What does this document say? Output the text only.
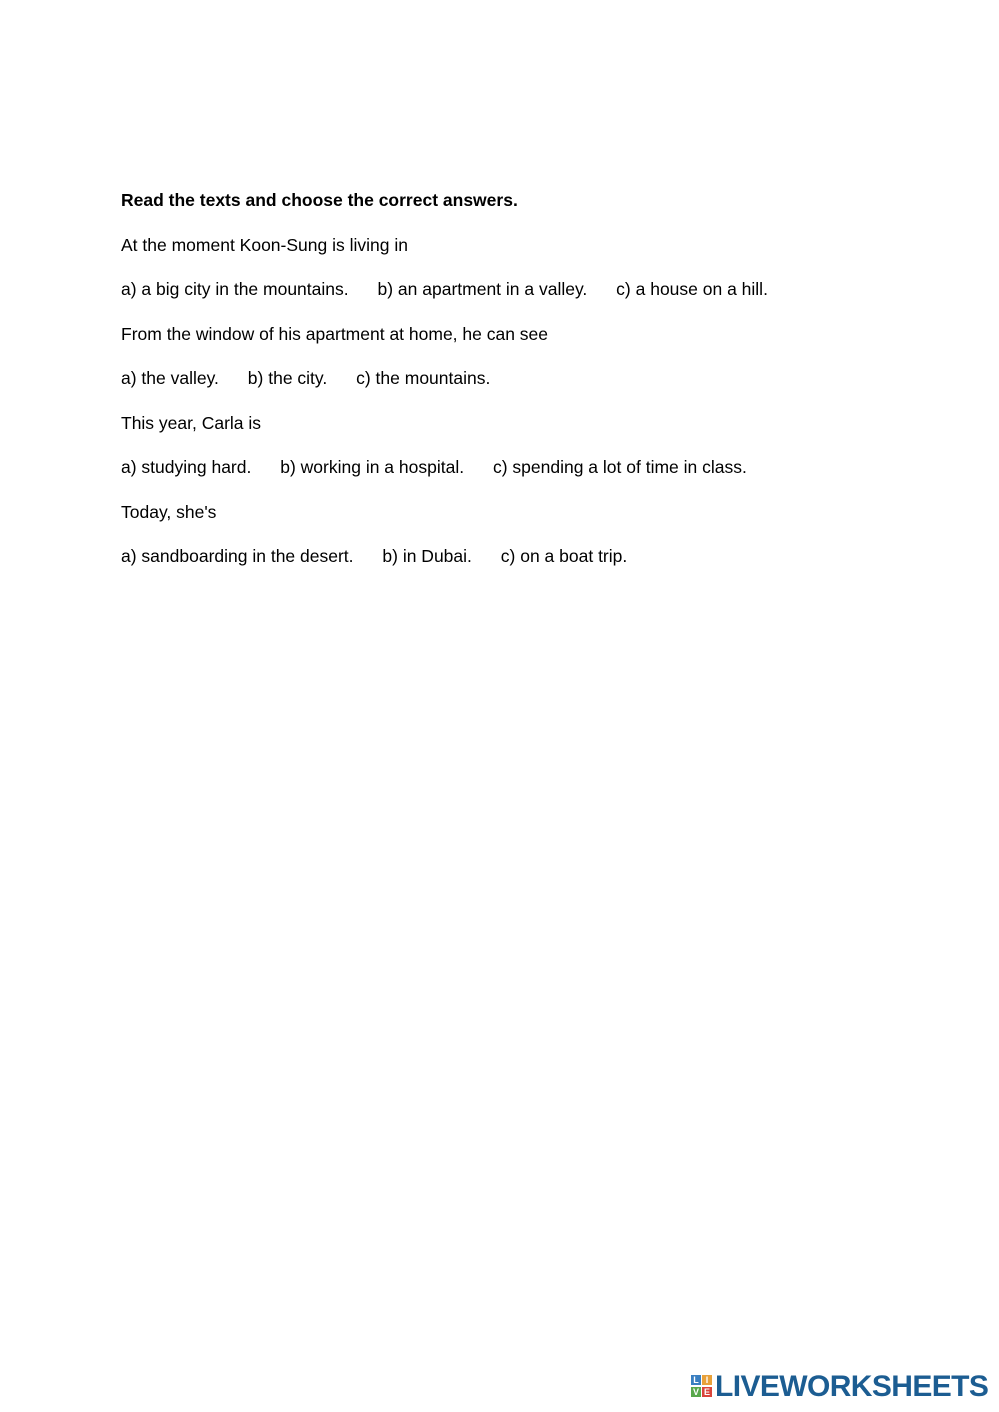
Read the texts and choose the correct answers.
At the moment Koon-Sung is living in
a) a big city in the mountains. b) an apartment in a valley. c) a house on a hill.
From the window of his apartment at home, he can see
a) the valley. b) the city. c) the mountains.
This year, Carla is
a) studying hard. b) working in a hospital. c) spending a lot of time in class.
Today, she's
a) sandboarding in the desert. b) in Dubai. c) on a boat trip.
L I
V E LIVEWORKSHEETS
